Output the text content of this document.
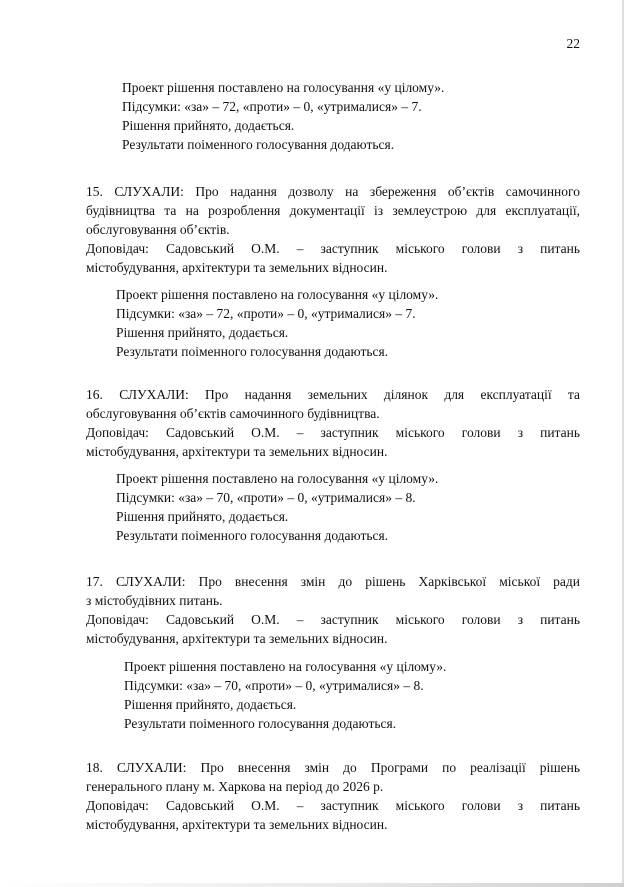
22
Проект рішення поставлено на голосування «у цілому».
Підсумки: «за» – 72, «проти» – 0, «утрималися» – 7.
Рішення прийнято, додається.
Результати поіменного голосування додаються.
15. СЛУХАЛИ: Про надання дозволу на збереження об’єктів самочинного
будівництва та на розроблення документації із землеустрою для експлуатації,
обслуговування об’єктів.
Доповідач: Садовський О.М. – заступник міського голови з питань
містобудування, архітектури та земельних відносин.
Проект рішення поставлено на голосування «у цілому».
Підсумки: «за» – 72, «проти» – 0, «утрималися» – 7.
Рішення прийнято, додається.
Результати поіменного голосування додаються.
16. СЛУХАЛИ: Про надання земельних ділянок для експлуатації та
обслуговування об’єктів самочинного будівництва.
Доповідач: Садовський О.М. – заступник міського голови з питань
містобудування, архітектури та земельних відносин.
Проект рішення поставлено на голосування «у цілому».
Підсумки: «за» – 70, «проти» – 0, «утрималися» – 8.
Рішення прийнято, додається.
Результати поіменного голосування додаються.
17. СЛУХАЛИ: Про внесення змін до рішень Харківської міської ради
з містобудівних питань.
Доповідач: Садовський О.М. – заступник міського голови з питань
містобудування, архітектури та земельних відносин.
Проект рішення поставлено на голосування «у цілому».
Підсумки: «за» – 70, «проти» – 0, «утрималися» – 8.
Рішення прийнято, додається.
Результати поіменного голосування додаються.
18. СЛУХАЛИ: Про внесення змін до Програми по реалізації рішень
генерального плану м. Харкова на період до 2026 р.
Доповідач: Садовський О.М. – заступник міського голови з питань
містобудування, архітектури та земельних відносин.
